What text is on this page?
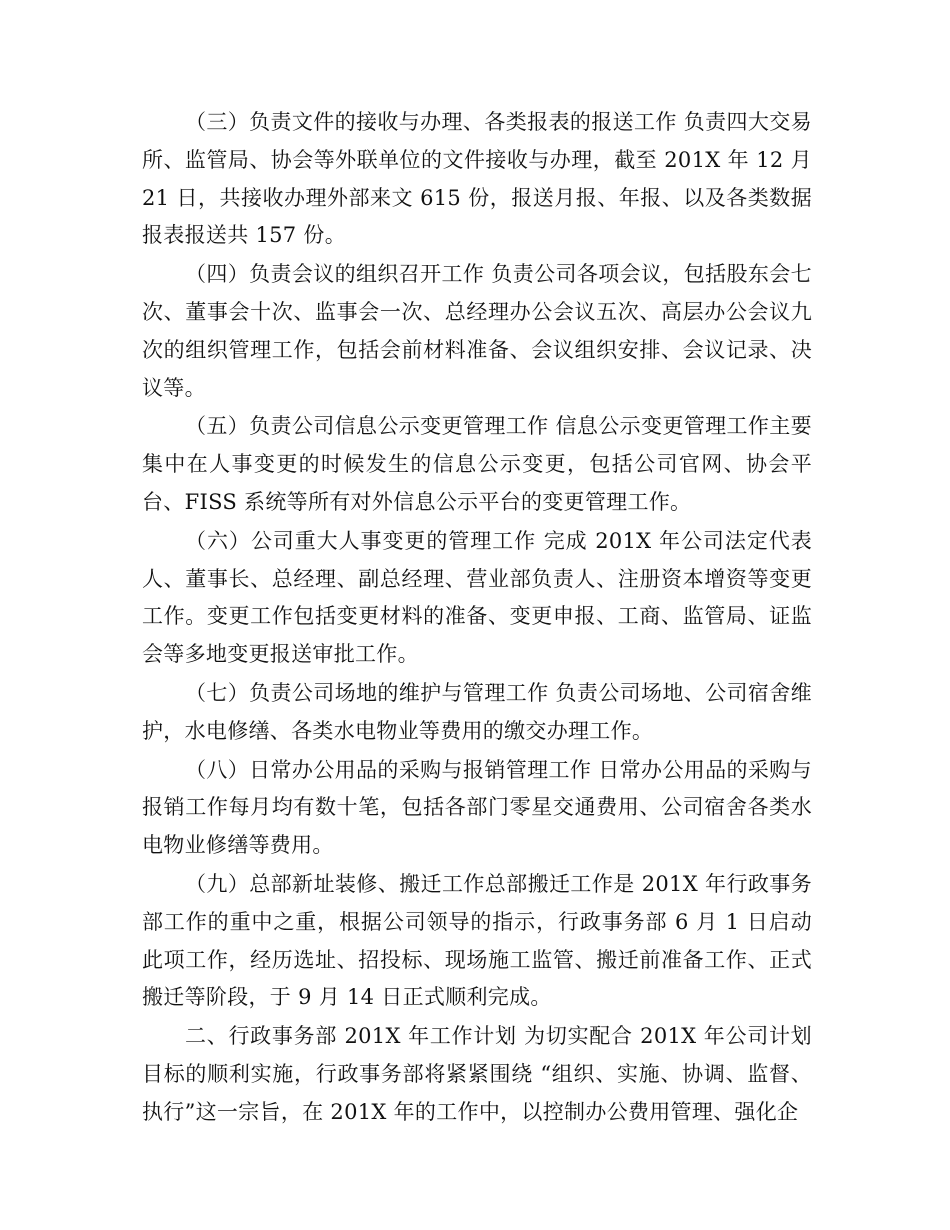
（三）负责文件的接收与办理、各类报表的报送工作 负责四大交易所、监管局、协会等外联单位的文件接收与办理，截至 201X 年 12 月 21 日，共接收办理外部来文 615 份，报送月报、年报、以及各类数据报表报送共 157 份。

（四）负责会议的组织召开工作 负责公司各项会议，包括股东会七次、董事会十次、监事会一次、总经理办公会议五次、高层办公会议九次的组织管理工作，包括会前材料准备、会议组织安排、会议记录、决议等。

（五）负责公司信息公示变更管理工作 信息公示变更管理工作主要集中在人事变更的时候发生的信息公示变更，包括公司官网、协会平台、FISS 系统等所有对外信息公示平台的变更管理工作。

（六）公司重大人事变更的管理工作 完成 201X 年公司法定代表人、董事长、总经理、副总经理、营业部负责人、注册资本增资等变更工作。变更工作包括变更材料的准备、变更申报、工商、监管局、证监会等多地变更报送审批工作。

（七）负责公司场地的维护与管理工作 负责公司场地、公司宿舍维护，水电修缮、各类水电物业等费用的缴交办理工作。

（八）日常办公用品的采购与报销管理工作 日常办公用品的采购与报销工作每月均有数十笔，包括各部门零星交通费用、公司宿舍各类水电物业修缮等费用。

（九）总部新址装修、搬迁工作总部搬迁工作是 201X 年行政事务部工作的重中之重，根据公司领导的指示，行政事务部 6 月 1 日启动此项工作，经历选址、招投标、现场施工监管、搬迁前准备工作、正式搬迁等阶段，于 9 月 14 日正式顺利完成。

二、行政事务部 201X 年工作计划 为切实配合 201X 年公司计划目标的顺利实施，行政事务部将紧紧围绕 “组织、实施、协调、监督、执行”这一宗旨，在 201X 年的工作中，以控制办公费用管理、强化企
